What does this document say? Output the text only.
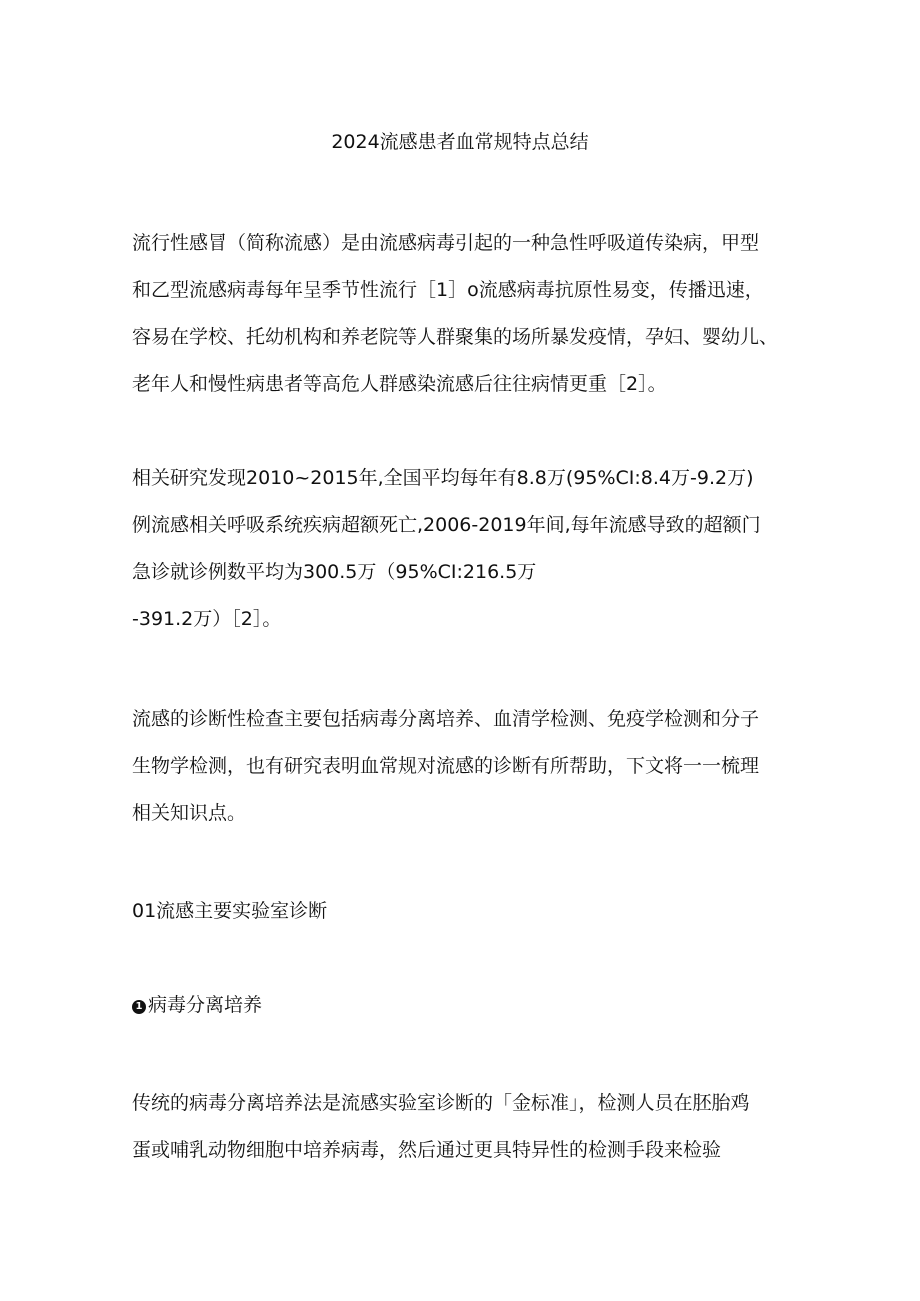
2024流感患者血常规特点总结

流行性感冒（简称流感）是由流感病毒引起的一种急性呼吸道传染病，甲型
和乙型流感病毒每年呈季节性流行［1］o流感病毒抗原性易变，传播迅速，
容易在学校、托幼机构和养老院等人群聚集的场所暴发疫情，孕妇、婴幼儿、
老年人和慢性病患者等高危人群感染流感后往往病情更重［2］。

相关研究发现2010~2015年,全国平均每年有8.8万(95%CI:8.4万-9.2万)
例流感相关呼吸系统疾病超额死亡,2006-2019年间,每年流感导致的超额门
急诊就诊例数平均为300.5万（95%CI:216.5万
-391.2万）［2］。

流感的诊断性检查主要包括病毒分离培养、血清学检测、免疫学检测和分子
生物学检测，也有研究表明血常规对流感的诊断有所帮助，下文将一一梳理
相关知识点。

01流感主要实验室诊断
1 病毒分离培养

传统的病毒分离培养法是流感实验室诊断的「金标准」，检测人员在胚胎鸡
蛋或哺乳动物细胞中培养病毒，然后通过更具特异性的检测手段来检验
